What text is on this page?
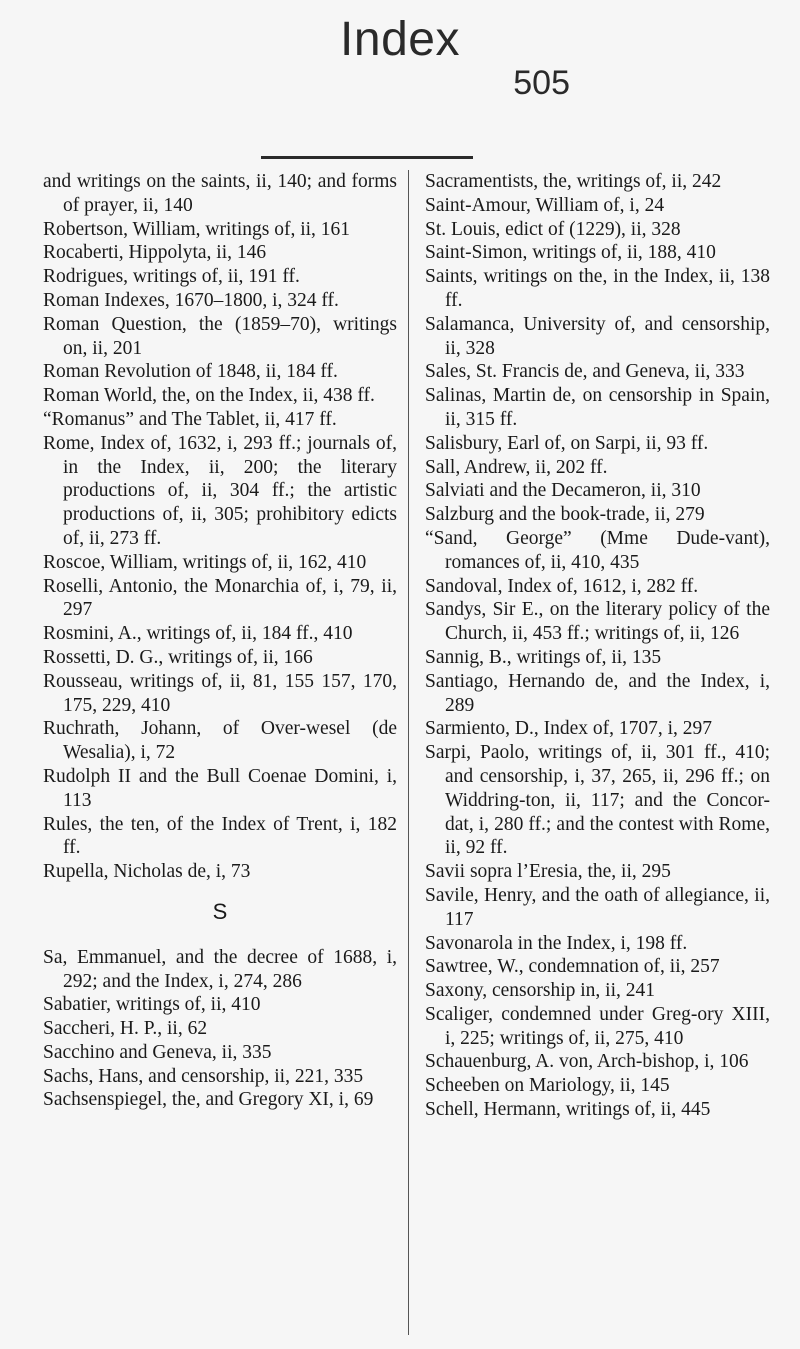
Index
505

and writings on the saints, ii, 140; and forms of prayer, ii, 140

Robertson, William, writings of, ii, 161

Rocaberti, Hippolyta, ii, 146

Rodrigues, writings of, ii, 191 ff.

Roman Indexes, 1670–1800, i, 324 ff.

Roman Question, the (1859–70), writings on, ii, 201

Roman Revolution of 1848, ii, 184 ff.

Roman World, the, on the Index, ii, 438 ff.

“Romanus” and The Tablet, ii, 417 ff.

Rome, Index of, 1632, i, 293 ff.; journals of, in the Index, ii, 200; the literary productions of, ii, 304 ff.; the artistic productions of, ii, 305; prohibitory edicts of, ii, 273 ff.

Roscoe, William, writings of, ii, 162, 410

Roselli, Antonio, the Monarchia of, i, 79, ii, 297

Rosmini, A., writings of, ii, 184 ff., 410

Rossetti, D. G., writings of, ii, 166

Rousseau, writings of, ii, 81, 155 157, 170, 175, 229, 410

Ruchrath, Johann, of Over-wesel (de Wesalia), i, 72

Rudolph II and the Bull Coenae Domini, i, 113

Rules, the ten, of the Index of Trent, i, 182 ff.

Rupella, Nicholas de, i, 73

S

Sa, Emmanuel, and the decree of 1688, i, 292; and the Index, i, 274, 286

Sabatier, writings of, ii, 410

Saccheri, H. P., ii, 62

Sacchino and Geneva, ii, 335

Sachs, Hans, and censorship, ii, 221, 335

Sachsenspiegel, the, and Gregory XI, i, 69

Sacramentists, the, writings of, ii, 242

Saint-Amour, William of, i, 24

St. Louis, edict of (1229), ii, 328

Saint-Simon, writings of, ii, 188, 410

Saints, writings on the, in the Index, ii, 138 ff.

Salamanca, University of, and censorship, ii, 328

Sales, St. Francis de, and Geneva, ii, 333

Salinas, Martin de, on censorship in Spain, ii, 315 ff.

Salisbury, Earl of, on Sarpi, ii, 93 ff.

Sall, Andrew, ii, 202 ff.

Salviati and the Decameron, ii, 310

Salzburg and the book-trade, ii, 279

“Sand, George” (Mme Dude-vant), romances of, ii, 410, 435

Sandoval, Index of, 1612, i, 282 ff.

Sandys, Sir E., on the literary policy of the Church, ii, 453 ff.; writings of, ii, 126

Sannig, B., writings of, ii, 135

Santiago, Hernando de, and the Index, i, 289

Sarmiento, D., Index of, 1707, i, 297

Sarpi, Paolo, writings of, ii, 301 ff., 410; and censorship, i, 37, 265, ii, 296 ff.; on Widdring-ton, ii, 117; and the Concor-dat, i, 280 ff.; and the contest with Rome, ii, 92 ff.

Savii sopra l’Eresia, the, ii, 295

Savile, Henry, and the oath of allegiance, ii, 117

Savonarola in the Index, i, 198 ff.

Sawtree, W., condemnation of, ii, 257

Saxony, censorship in, ii, 241

Scaliger, condemned under Greg-ory XIII, i, 225; writings of, ii, 275, 410

Schauenburg, A. von, Arch-bishop, i, 106

Scheeben on Mariology, ii, 145

Schell, Hermann, writings of, ii, 445
